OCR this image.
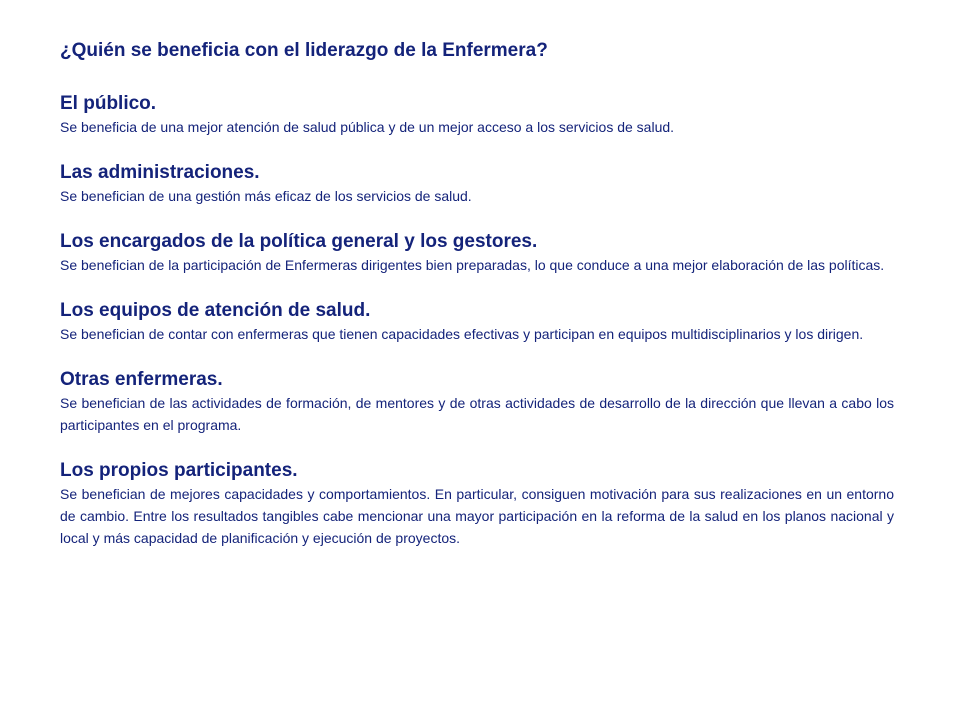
¿Quién se beneficia con el liderazgo de la Enfermera?
El público.

Se beneficia de una mejor atención de salud pública y de un mejor acceso a los servicios de salud.

Las administraciones.

Se benefician de una gestión más eficaz de los servicios de salud.

Los encargados de la política general y los gestores.

Se benefician de la participación de Enfermeras dirigentes bien preparadas, lo que conduce a una mejor elaboración de las políticas.

Los equipos de atención de salud.

Se benefician de contar con enfermeras que tienen capacidades efectivas y participan en equipos multidisciplinarios y los dirigen.

Otras enfermeras.

Se benefician de las actividades de formación, de mentores y de otras actividades de desarrollo de la dirección que llevan a cabo los participantes en el programa.

Los propios participantes.

Se benefician de mejores capacidades y comportamientos. En particular, consiguen motivación para sus realizaciones en un entorno de cambio. Entre los resultados tangibles cabe mencionar una mayor participación en la reforma de la salud en los planos nacional y local y más capacidad de planificación y ejecución de proyectos.
